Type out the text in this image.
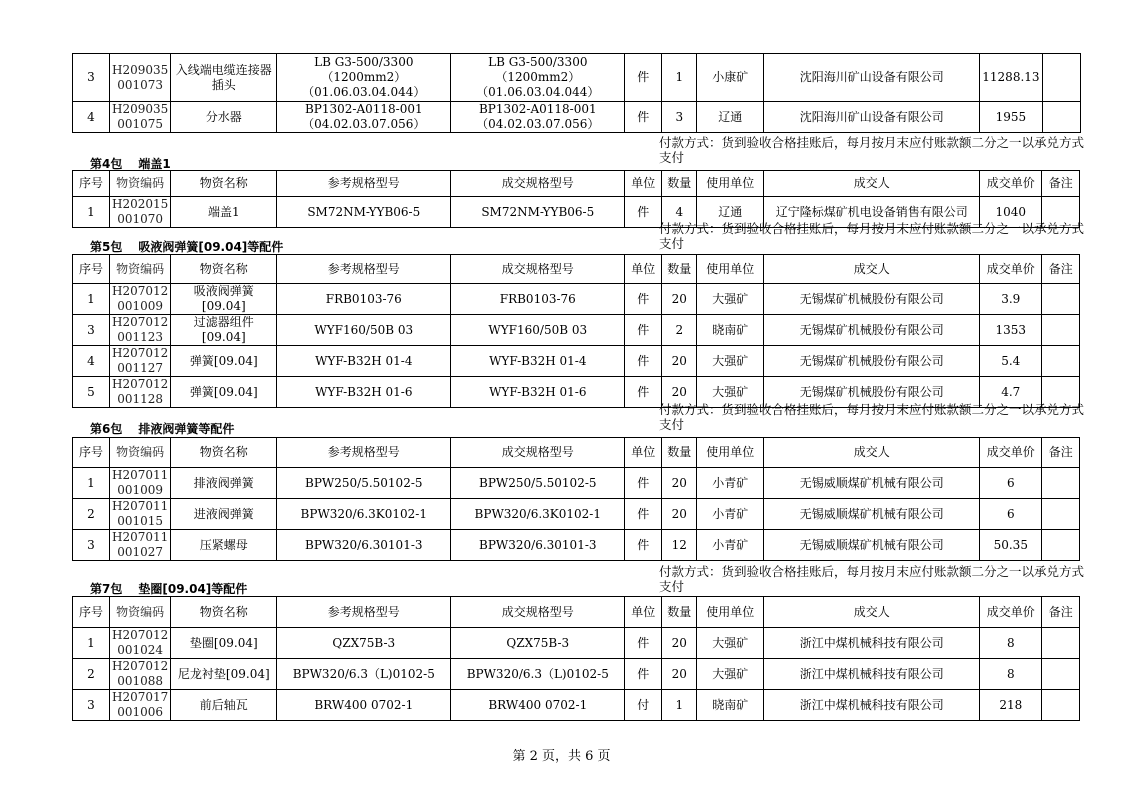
3	H209035 001073	入线端电缆连接器插头	LB G3-500/3300 （1200mm2） （01.06.03.04.044）	LB G3-500/3300 （1200mm2） （01.06.03.04.044）	件	1	小康矿	沈阳海川矿山设备有限公司	11288.13	
4	H209035 001075	分水器	BP1302-A0118-001 （04.02.03.07.056）	BP1302-A0118-001 （04.02.03.07.056）	件	3	辽通	沈阳海川矿山设备有限公司	1955	
付款方式：货到验收合格挂账后，每月按月末应付账款额二分之一以承兑方式支付
第4包 端盖1
序号	物资编码	物资名称	参考规格型号	成交规格型号	单位	数量	使用单位	成交人	成交单价	备注
1	H202015 001070	端盖1	SM72NM-YYB06-5	SM72NM-YYB06-5	件	4	辽通	辽宁隆标煤矿机电设备销售有限公司	1040	
付款方式：货到验收合格挂账后，每月按月末应付账款额二分之一以承兑方式支付
第5包 吸液阀弹簧[09.04]等配件
序号	物资编码	物资名称	参考规格型号	成交规格型号	单位	数量	使用单位	成交人	成交单价	备注
1	H207012 001009	吸液阀弹簧[09.04]	FRB0103-76	FRB0103-76	件	20	大强矿	无锡煤矿机械股份有限公司	3.9	
3	H207012 001123	过滤器组件[09.04]	WYF160/50B 03	WYF160/50B 03	件	2	晓南矿	无锡煤矿机械股份有限公司	1353	
4	H207012 001127	弹簧[09.04]	WYF-B32H 01-4	WYF-B32H 01-4	件	20	大强矿	无锡煤矿机械股份有限公司	5.4	
5	H207012 001128	弹簧[09.04]	WYF-B32H 01-6	WYF-B32H 01-6	件	20	大强矿	无锡煤矿机械股份有限公司	4.7	
付款方式：货到验收合格挂账后，每月按月末应付账款额二分之一以承兑方式支付
第6包 排液阀弹簧等配件
序号	物资编码	物资名称	参考规格型号	成交规格型号	单位	数量	使用单位	成交人	成交单价	备注
1	H207011 001009	排液阀弹簧	BPW250/5.50102-5	BPW250/5.50102-5	件	20	小青矿	无锡威顺煤矿机械有限公司	6	
2	H207011 001015	进液阀弹簧	BPW320/6.3K0102-1	BPW320/6.3K0102-1	件	20	小青矿	无锡威顺煤矿机械有限公司	6	
3	H207011 001027	压紧螺母	BPW320/6.30101-3	BPW320/6.30101-3	件	12	小青矿	无锡威顺煤矿机械有限公司	50.35	
付款方式：货到验收合格挂账后，每月按月末应付账款额二分之一以承兑方式支付
第7包 垫圈[09.04]等配件
序号	物资编码	物资名称	参考规格型号	成交规格型号	单位	数量	使用单位	成交人	成交单价	备注
1	H207012 001024	垫圈[09.04]	QZX75B-3	QZX75B-3	件	20	大强矿	浙江中煤机械科技有限公司	8	
2	H207012 001088	尼龙衬垫[09.04]	BPW320/6.3（L)0102-5	BPW320/6.3（L)0102-5	件	20	大强矿	浙江中煤机械科技有限公司	8	
3	H207017 001006	前后轴瓦	BRW400 0702-1	BRW400 0702-1	付	1	晓南矿	浙江中煤机械科技有限公司	218	
第 2 页，共 6 页
